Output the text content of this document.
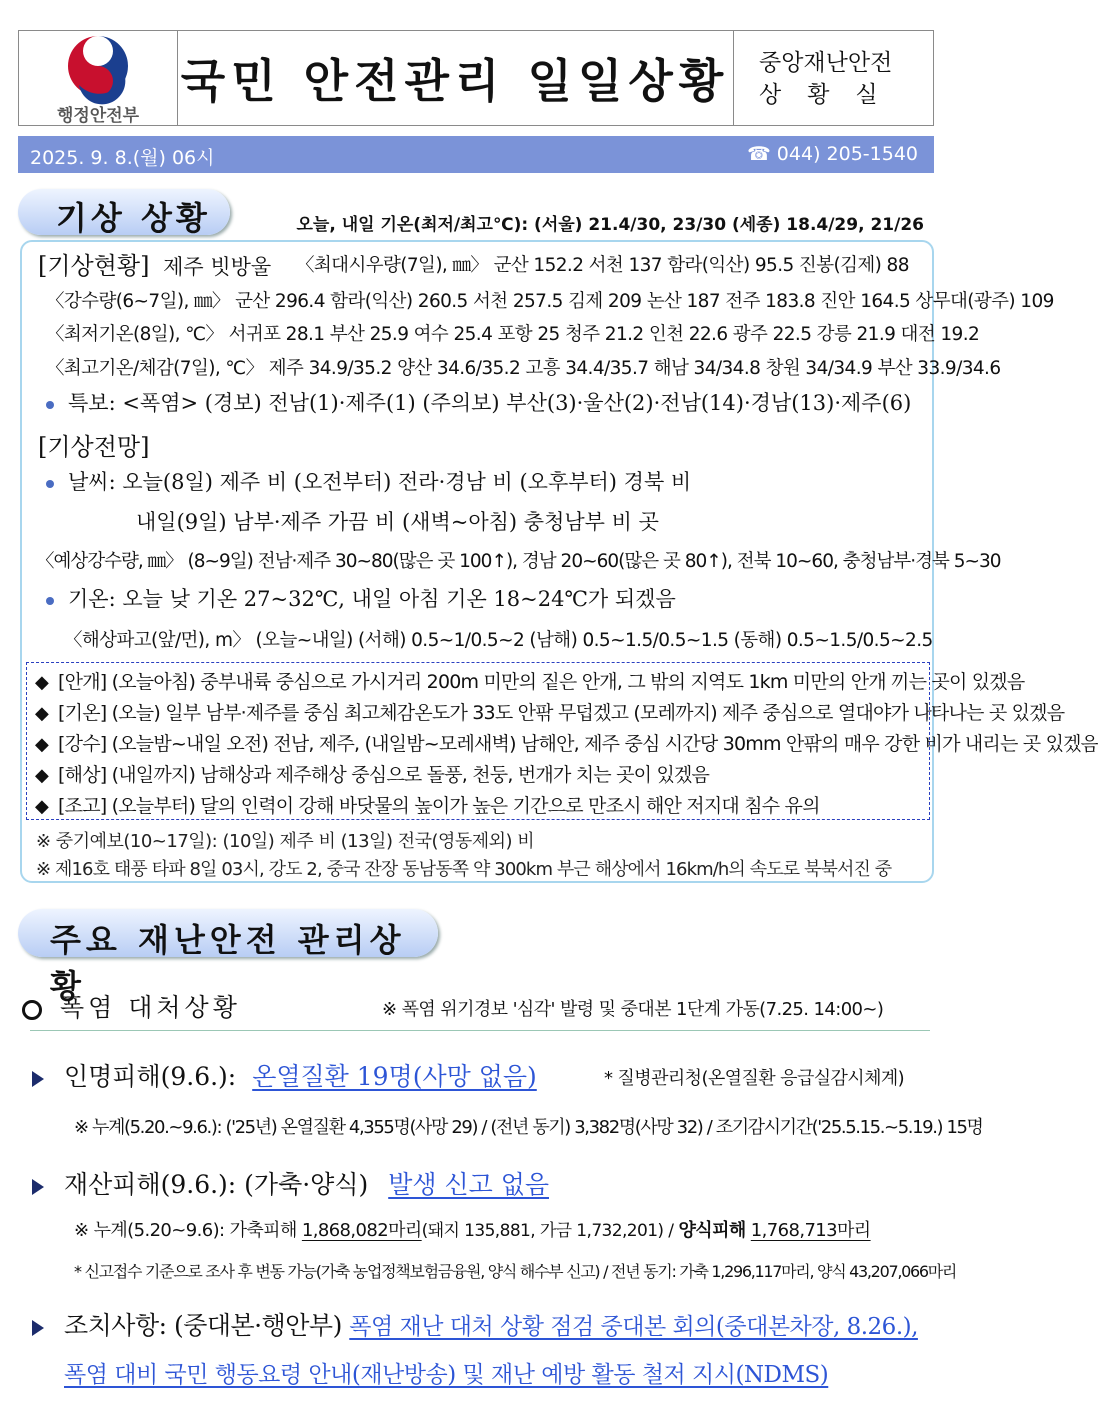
행정안전부
국민 안전관리 일일상황 중앙재난안전
상황실
2025. 9. 8.(월) 06시	☎ 044) 205-1540
기상 상황	오늘, 내일 기온(최저/최고℃): (서울) 21.4/30, 23/30 (세종) 18.4/29, 21/26
[기상현황] 제주 빗방울 〈최대시우량(7일), ㎜〉 군산 152.2 서천 137 함라(익산) 95.5 진봉(김제) 88
〈강수량(6~7일), ㎜〉 군산 296.4 함라(익산) 260.5 서천 257.5 김제 209 논산 187 전주 183.8 진안 164.5 상무대(광주) 109
〈최저기온(8일), ℃〉 서귀포 28.1 부산 25.9 여수 25.4 포항 25 청주 21.2 인천 22.6 광주 22.5 강릉 21.9 대전 19.2
〈최고기온/체감(7일), ℃〉 제주 34.9/35.2 양산 34.6/35.2 고흥 34.4/35.7 해남 34/34.8 창원 34/34.9 부산 33.9/34.6
특보: <폭염> (경보) 전남(1)·제주(1) (주의보) 부산(3)·울산(2)·전남(14)·경남(13)·제주(6)
[기상전망]
날씨: 오늘(8일) 제주 비 (오전부터) 전라·경남 비 (오후부터) 경북 비
내일(9일) 남부·제주 가끔 비 (새벽~아침) 충청남부 비 곳
〈예상강수량, ㎜〉 (8~9일) 전남·제주 30~80(많은 곳 100↑), 경남 20~60(많은 곳 80↑), 전북 10~60, 충청남부·경북 5~30
기온: 오늘 낮 기온 27~32℃, 내일 아침 기온 18~24℃가 되겠음
〈해상파고(앞/먼), m〉 (오늘~내일) (서해) 0.5~1/0.5~2 (남해) 0.5~1.5/0.5~1.5 (동해) 0.5~1.5/0.5~2.5
◆ [안개] (오늘아침) 중부내륙 중심으로 가시거리 200m 미만의 짙은 안개, 그 밖의 지역도 1km 미만의 안개 끼는 곳이 있겠음
◆ [기온] (오늘) 일부 남부·제주를 중심 최고체감온도가 33도 안팎 무덥겠고 (모레까지) 제주 중심으로 열대야가 나타나는 곳 있겠음
◆ [강수] (오늘밤~내일 오전) 전남, 제주, (내일밤~모레새벽) 남해안, 제주 중심 시간당 30mm 안팎의 매우 강한 비가 내리는 곳 있겠음
◆ [해상] (내일까지) 남해상과 제주해상 중심으로 돌풍, 천둥, 번개가 치는 곳이 있겠음
◆ [조고] (오늘부터) 달의 인력이 강해 바닷물의 높이가 높은 기간으로 만조시 해안 저지대 침수 유의
※ 중기예보(10~17일): (10일) 제주 비 (13일) 전국(영동제외) 비
※ 제16호 태풍 타파 8일 03시, 강도 2, 중국 잔장 동남동쪽 약 300km 부근 해상에서 16km/h의 속도로 북북서진 중
주요 재난안전 관리상황
폭염 대처상황	※ 폭염 위기경보 '심각' 발령 및 중대본 1단계 가동(7.25. 14:00~)
인명피해(9.6.): 온열질환 19명(사망 없음)	* 질병관리청(온열질환 응급실감시체계)
※ 누계(5.20.~9.6.): ('25년) 온열질환 4,355명(사망 29) / (전년 동기) 3,382명(사망 32) / 조기감시기간('25.5.15.~5.19.) 15명
재산피해(9.6.): (가축·양식) 발생 신고 없음
※ 누계(5.20~9.6): 가축피해 1,868,082마리(돼지 135,881, 가금 1,732,201) / 양식피해 1,768,713마리
* 신고접수 기준으로 조사 후 변동 가능(가축 농업정책보험금융원, 양식 해수부 신고) / 전년 동기: 가축 1,296,117마리, 양식 43,207,066마리
조치사항: (중대본·행안부) 폭염 재난 대처 상황 점검 중대본 회의(중대본차장, 8.26.),
폭염 대비 국민 행동요령 안내(재난방송) 및 재난 예방 활동 철저 지시(NDMS)
